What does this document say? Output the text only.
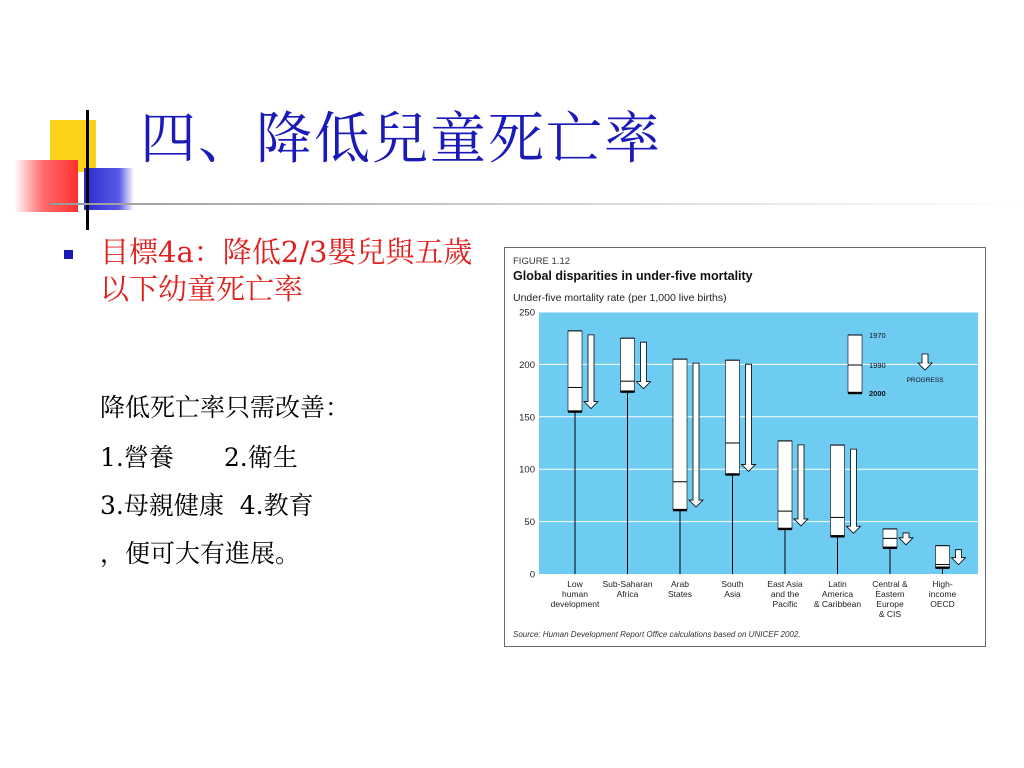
四、降低兒童死亡率
目標4a：降低2/3嬰兒與五歲以下幼童死亡率
降低死亡率只需改善：
1.營養　　2.衛生
3.母親健康  4.教育
，便可大有進展。
FIGURE 1.12
Global disparities in under-five mortality
Under-five mortality rate (per 1,000 live births)
0
50
100
150
200
250
Low human development
Sub-Saharan Africa
Arab States
South Asia
East Asia and the Pacific
Latin America & Caribbean
Central & Eastern Europe & CIS
High-income OECD
1970
1990
2000
PROGRESS
Source: Human Development Report Office calculations based on UNICEF 2002.
